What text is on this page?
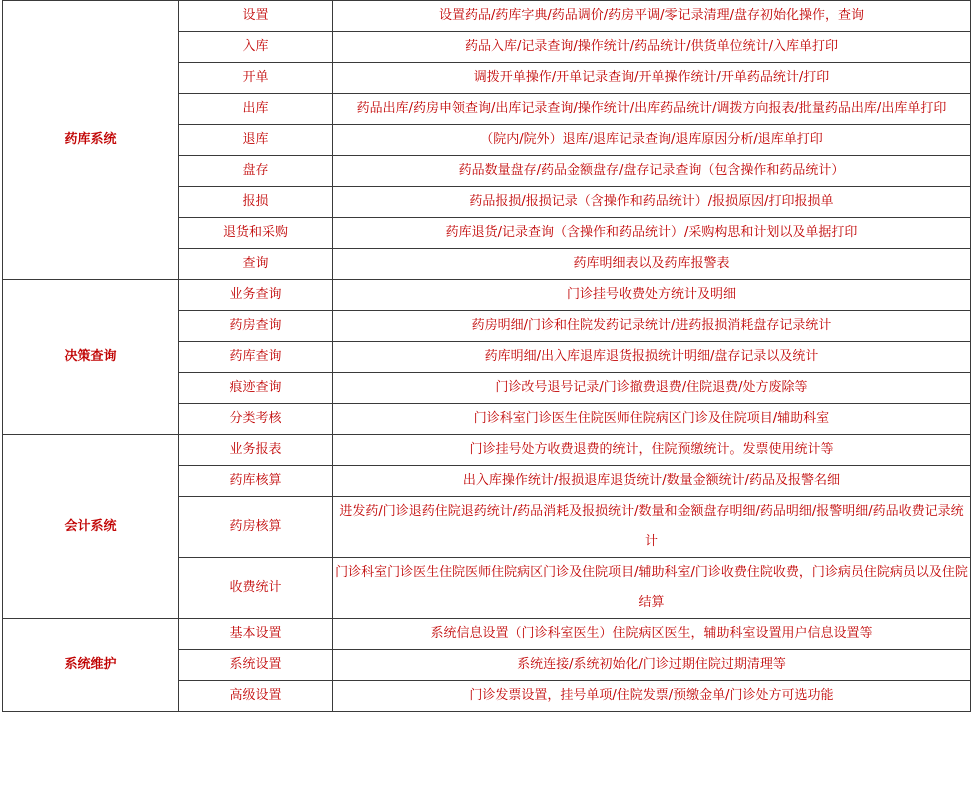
药库系统	设置	设置药品/药库字典/药品调价/药房平调/零记录清理/盘存初始化操作，查询
	入库	药品入库/记录查询/操作统计/药品统计/供货单位统计/入库单打印
	开单	调拨开单操作/开单记录查询/开单操作统计/开单药品统计/打印
	出库	药品出库/药房申领查询/出库记录查询/操作统计/出库药品统计/调拨方向报表/批量药品出库/出库单打印
	退库	（院内/院外）退库/退库记录查询/退库原因分析/退库单打印
	盘存	药品数量盘存/药品金额盘存/盘存记录查询（包含操作和药品统计）
	报损	药品报损/报损记录（含操作和药品统计）/报损原因/打印报损单
	退货和采购	药库退货/记录查询（含操作和药品统计）/采购构思和计划以及单据打印
	查询	药库明细表以及药库报警表
决策查询	业务查询	门诊挂号收费处方统计及明细
	药房查询	药房明细/门诊和住院发药记录统计/进药报损消耗盘存记录统计
	药库查询	药库明细/出入库退库退货报损统计明细/盘存记录以及统计
	痕迹查询	门诊改号退号记录/门诊撤费退费/住院退费/处方废除等
	分类考核	门诊科室门诊医生住院医师住院病区门诊及住院项目/辅助科室
会计系统	业务报表	门诊挂号处方收费退费的统计，住院预缴统计。发票使用统计等
	药库核算	出入库操作统计/报损退库退货统计/数量金额统计/药品及报警名细
	药房核算	进发药/门诊退药住院退药统计/药品消耗及报损统计/数量和金额盘存明细/药品明细/报警明细/药品收费记录统计
	收费统计	门诊科室门诊医生住院医师住院病区门诊及住院项目/辅助科室/门诊收费住院收费，门诊病员住院病员以及住院结算
系统维护	基本设置	系统信息设置（门诊科室医生）住院病区医生，辅助科室设置用户信息设置等
	系统设置	系统连接/系统初始化/门诊过期住院过期清理等
	高级设置	门诊发票设置，挂号单项/住院发票/预缴金单/门诊处方可选功能
